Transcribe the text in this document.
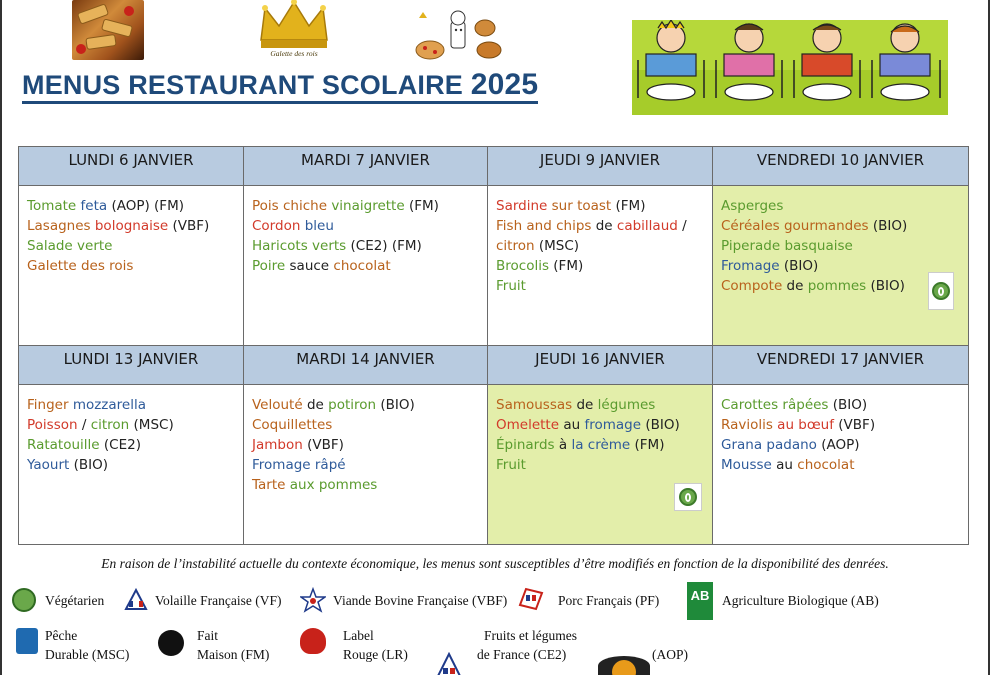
Galette des rois
MENUS RESTAURANT SCOLAIRE 2025
LUNDI 6 JANVIER	MARDI 7 JANVIER	JEUDI 9 JANVIER	VENDREDI 10 JANVIER

Tomate feta (AOP) (FM)
Lasagnes bolognaise (VBF)
Salade verte
Galette des rois	Pois chiche vinaigrette (FM)
Cordon bleu
Haricots verts (CE2) (FM)
Poire sauce chocolat	Sardine sur toast (FM)
Fish and chips de cabillaud /
citron (MSC)
Brocolis (FM)
Fruit	Asperges
Céréales gourmandes (BIO)
Piperade basquaise
Fromage (BIO)
Compote de pommes (BIO)

LUNDI 13 JANVIER	MARDI 14 JANVIER	JEUDI 16 JANVIER	VENDREDI 17 JANVIER

Finger mozzarella
Poisson / citron (MSC)
Ratatouille (CE2)
Yaourt (BIO)	Velouté de potiron (BIO)
Coquillettes
Jambon (VBF)
Fromage râpé
Tarte aux pommes	Samoussas de légumes
Omelette au fromage (BIO)
Épinards à la crème (FM)
Fruit	Carottes râpées (BIO)
Raviolis au bœuf (VBF)
Grana padano (AOP)
Mousse au chocolat
En raison de l’instabilité actuelle du contexte économique, les menus sont susceptibles d’être modifiés en fonction de la disponibilité des denrées.
Végétarien	Volaille Française (VF)	Viande Bovine Française (VBF)	Porc Français (PF) AB Agriculture Biologique (AB)
Pêche
Durable (MSC)
Fait
Maison (FM)
Label
Rouge (LR)
Fruits et légumes
de France (CE2)	(AOP)
